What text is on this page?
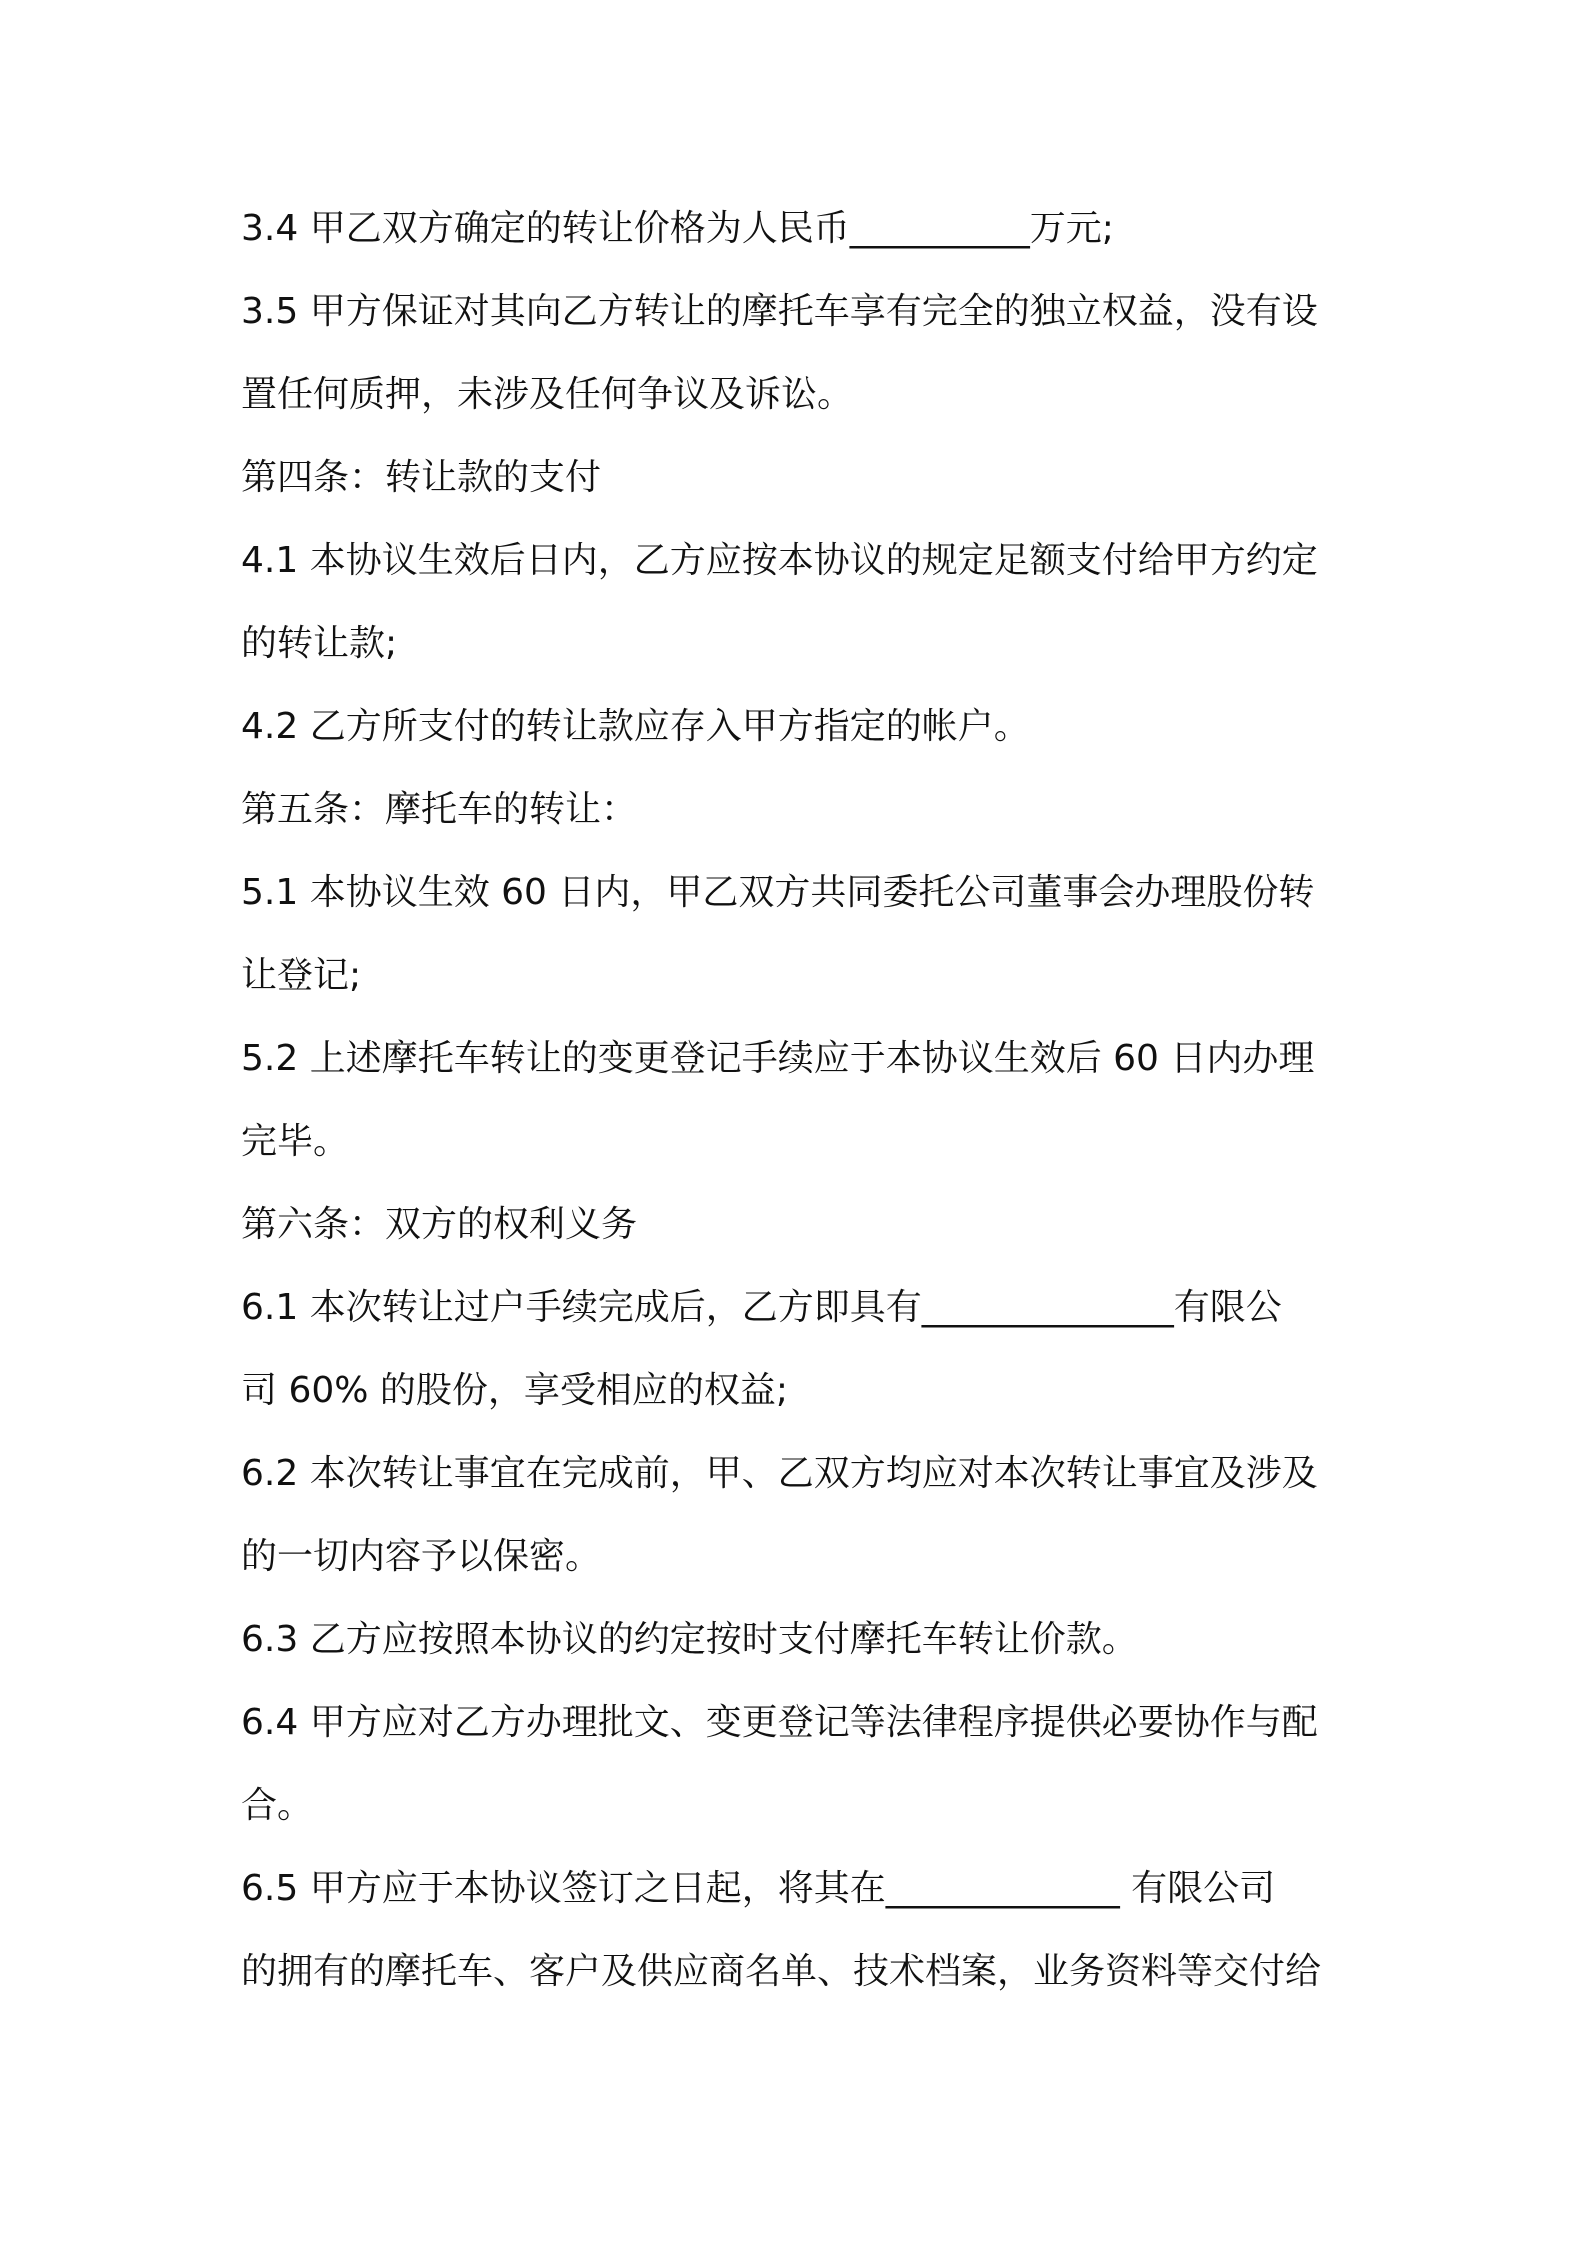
3.4 甲乙双方确定的转让价格为人民币__________万元;
3.5 甲方保证对其向乙方转让的摩托车享有完全的独立权益，没有设
置任何质押，未涉及任何争议及诉讼。
第四条：转让款的支付
4.1 本协议生效后日内，乙方应按本协议的规定足额支付给甲方约定
的转让款;
4.2 乙方所支付的转让款应存入甲方指定的帐户。
第五条：摩托车的转让：
5.1 本协议生效 60 日内，甲乙双方共同委托公司董事会办理股份转
让登记;
5.2 上述摩托车转让的变更登记手续应于本协议生效后 60 日内办理
完毕。
第六条：双方的权利义务
6.1 本次转让过户手续完成后，乙方即具有______________有限公
司 60% 的股份，享受相应的权益;
6.2 本次转让事宜在完成前，甲、乙双方均应对本次转让事宜及涉及
的一切内容予以保密。
6.3 乙方应按照本协议的约定按时支付摩托车转让价款。
6.4 甲方应对乙方办理批文、变更登记等法律程序提供必要协作与配
合。
6.5 甲方应于本协议签订之日起，将其在_____________ 有限公司
的拥有的摩托车、客户及供应商名单、技术档案，业务资料等交付给
